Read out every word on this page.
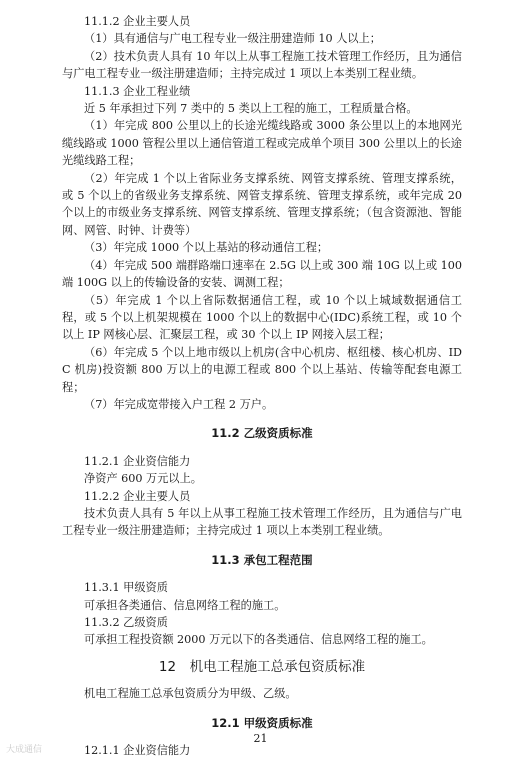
11.1.2 企业主要人员

（1）具有通信与广电工程专业一级注册建造师 10 人以上；

（2）技术负责人具有 10 年以上从事工程施工技术管理工作经历，且为通信与广电工程专业一级注册建造师；主持完成过 1 项以上本类别工程业绩。

11.1.3 企业工程业绩

近 5 年承担过下列 7 类中的 5 类以上工程的施工，工程质量合格。

（1）年完成 800 公里以上的长途光缆线路或 3000 条公里以上的本地网光缆线路或 1000 管程公里以上通信管道工程或完成单个项目 300 公里以上的长途光缆线路工程；

（2）年完成 1 个以上省际业务支撑系统、网管支撑系统、管理支撑系统，或 5 个以上的省级业务支撑系统、网管支撑系统、管理支撑系统，或年完成 20 个以上的市级业务支撑系统、网管支撑系统、管理支撑系统；（包含资源池、智能网、网管、时钟、计费等）

（3）年完成 1000 个以上基站的移动通信工程；

（4）年完成 500 端群路端口速率在 2.5G 以上或 300 端 10G 以上或 100 端 100G 以上的传输设备的安装、调测工程；

（5）年完成 1 个以上省际数据通信工程，或 10 个以上城域数据通信工程，或 5 个以上机架规模在 1000 个以上的数据中心(IDC)系统工程，或 10 个以上 IP 网核心层、汇聚层工程，或 30 个以上 IP 网接入层工程；

（6）年完成 5 个以上地市级以上机房(含中心机房、枢纽楼、核心机房、IDC 机房)投资额 800 万以上的电源工程或 800 个以上基站、传输等配套电源工程；

（7）年完成宽带接入户工程 2 万户。

11.2 乙级资质标准

11.2.1 企业资信能力

净资产 600 万元以上。

11.2.2 企业主要人员

技术负责人具有 5 年以上从事工程施工技术管理工作经历，且为通信与广电工程专业一级注册建造师；主持完成过 1 项以上本类别工程业绩。

11.3 承包工程范围

11.3.1 甲级资质

可承担各类通信、信息网络工程的施工。

11.3.2 乙级资质

可承担工程投资额 2000 万元以下的各类通信、信息网络工程的施工。

12　机电工程施工总承包资质标准

机电工程施工总承包资质分为甲级、乙级。

12.1 甲级资质标准

12.1.1 企业资信能力

21
大成通信
